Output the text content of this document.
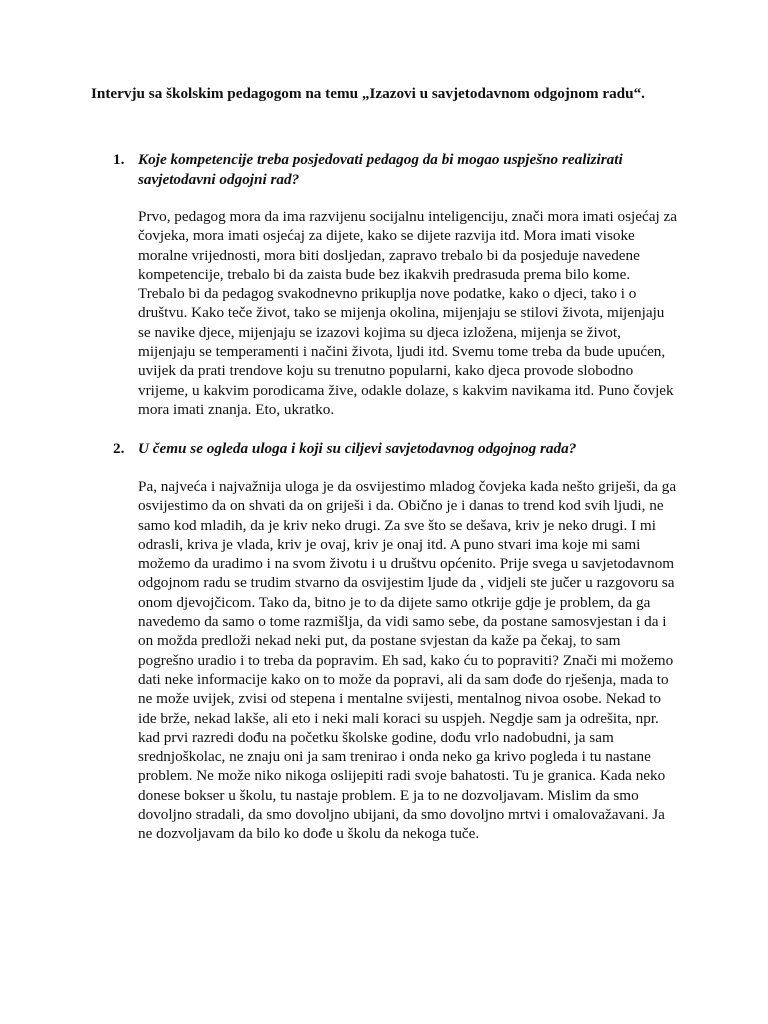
Intervju sa školskim pedagogom na temu „Izazovi u savjetodavnom odgojnom radu“.
1. Koje kompetencije treba posjedovati pedagog da bi mogao uspješno realizirati savjetodavni odgojni rad?
Prvo, pedagog mora da ima razvijenu socijalnu inteligenciju, znači mora imati osjećaj za čovjeka, mora imati osjećaj za dijete, kako se dijete razvija itd. Mora imati visoke moralne vrijednosti, mora biti dosljedan, zapravo trebalo bi da posjeduje navedene kompetencije, trebalo bi da zaista bude bez ikakvih predrasuda prema bilo kome. Trebalo bi da pedagog svakodnevno prikuplja nove podatke, kako o djeci, tako i o društvu. Kako teče život, tako se mijenja okolina, mijenjaju se stilovi života, mijenjaju se navike djece, mijenjaju se izazovi kojima su djeca izložena, mijenja se život, mijenjaju se temperamenti i načini života, ljudi itd. Svemu tome treba da bude upućen, uvijek da prati trendove koju su trenutno popularni, kako djeca provode slobodno vrijeme, u kakvim porodicama žive, odakle dolaze, s kakvim navikama itd. Puno čovjek mora imati znanja. Eto, ukratko.
2. U čemu se ogleda uloga i koji su ciljevi savjetodavnog odgojnog rada?
Pa, najveća i najvažnija uloga je da osvijestimo mladog čovjeka kada nešto griješi, da ga osvijestimo da on shvati da on griješi i da. Obično je i danas to trend kod svih ljudi, ne samo kod mladih, da je kriv neko drugi. Za sve što se dešava, kriv je neko drugi. I mi odrasli, kriva je vlada, kriv je ovaj, kriv je onaj itd. A puno stvari ima koje mi sami možemo da uradimo i na svom životu i u društvu općenito. Prije svega u savjetodavnom odgojnom radu se trudim stvarno da osvijestim ljude da , vidjeli ste jučer u razgovoru sa onom djevojčicom. Tako da, bitno je to da dijete samo otkrije gdje je problem, da ga navedemo da samo o tome razmišlja, da vidi samo sebe, da postane samosvjestan i da i on možda predloži nekad neki put, da postane svjestan da kaže pa čekaj, to sam pogrešno uradio i to treba da popravim. Eh sad, kako ću to popraviti? Znači mi možemo dati neke informacije kako on to može da popravi, ali da sam dođe do rješenja, mada to ne može uvijek, zvisi od stepena i mentalne svijesti, mentalnog nivoa osobe. Nekad to ide brže, nekad lakše, ali eto i neki mali koraci su uspjeh. Negdje sam ja odrešita, npr. kad prvi razredi dođu na početku školske godine, dođu vrlo nadobudni, ja sam srednjoškolac, ne znaju oni ja sam trenirao i onda neko ga krivo pogleda i tu nastane problem. Ne može niko nikoga oslijepiti radi svoje bahatosti. Tu je granica. Kada neko donese bokser u školu, tu nastaje problem. E ja to ne dozvoljavam. Mislim da smo dovoljno stradali, da smo dovoljno ubijani, da smo dovoljno mrtvi i omalovažavani. Ja ne dozvoljavam da bilo ko dođe u školu da nekoga tuče.
